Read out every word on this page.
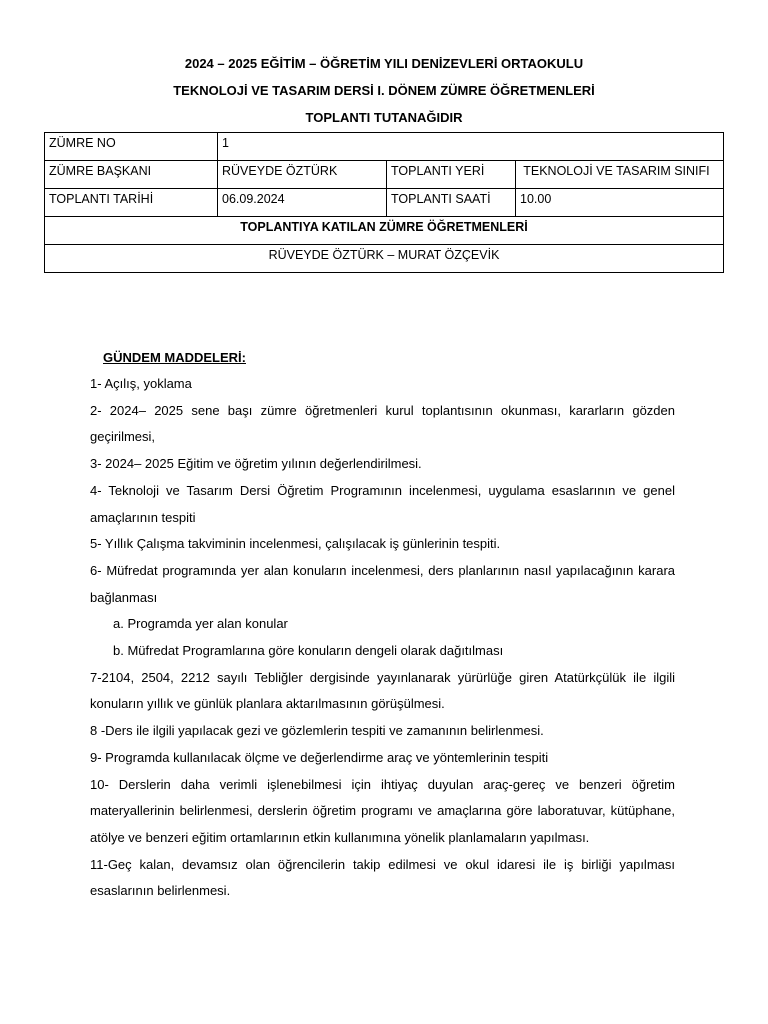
2024 – 2025 EĞİTİM – ÖĞRETİM YILI DENİZEVLERİ ORTAOKULU
TEKNOLOJİ VE TASARIM DERSİ I. DÖNEM ZÜMRE ÖĞRETMENLERİ
TOPLANTI TUTANAĞIDIR
ZÜMRE NO	1		
ZÜMRE BAŞKANI	RÜVEYDE ÖZTÜRK	TOPLANTI YERİ	TEKNOLOJİ VE TASARIM SINIFI
TOPLANTI TARİHİ	06.09.2024	TOPLANTI SAATİ	10.00
TOPLANTIYA KATILAN ZÜMRE ÖĞRETMENLERİ			
RÜVEYDE ÖZTÜRK – MURAT ÖZÇEVİK			
GÜNDEM MADDELERİ:
1- Açılış, yoklama
2- 2024– 2025 sene başı zümre öğretmenleri kurul toplantısının okunması, kararların gözden geçirilmesi,
3- 2024– 2025 Eğitim ve öğretim yılının değerlendirilmesi.
4- Teknoloji ve Tasarım Dersi Öğretim Programının incelenmesi, uygulama esaslarının ve genel amaçlarının tespiti
5- Yıllık Çalışma takviminin incelenmesi, çalışılacak iş günlerinin tespiti.
6- Müfredat programında yer alan konuların incelenmesi, ders planlarının nasıl yapılacağının karara bağlanması
a. Programda yer alan konular
b. Müfredat Programlarına göre konuların dengeli olarak dağıtılması
7-2104, 2504, 2212 sayılı Tebliğler dergisinde yayınlanarak yürürlüğe giren Atatürkçülük ile ilgili konuların yıllık ve günlük planlara aktarılmasının görüşülmesi.
8 -Ders ile ilgili yapılacak gezi ve gözlemlerin tespiti ve zamanının belirlenmesi.
9- Programda kullanılacak ölçme ve değerlendirme araç ve yöntemlerinin tespiti
10- Derslerin daha verimli işlenebilmesi için ihtiyaç duyulan araç-gereç ve benzeri öğretim materyallerinin belirlenmesi, derslerin öğretim programı ve amaçlarına göre laboratuvar, kütüphane, atölye ve benzeri eğitim ortamlarının etkin kullanımına yönelik planlamaların yapılması.
11-Geç kalan, devamsız olan öğrencilerin takip edilmesi ve okul idaresi ile iş birliği yapılması esaslarının belirlenmesi.
